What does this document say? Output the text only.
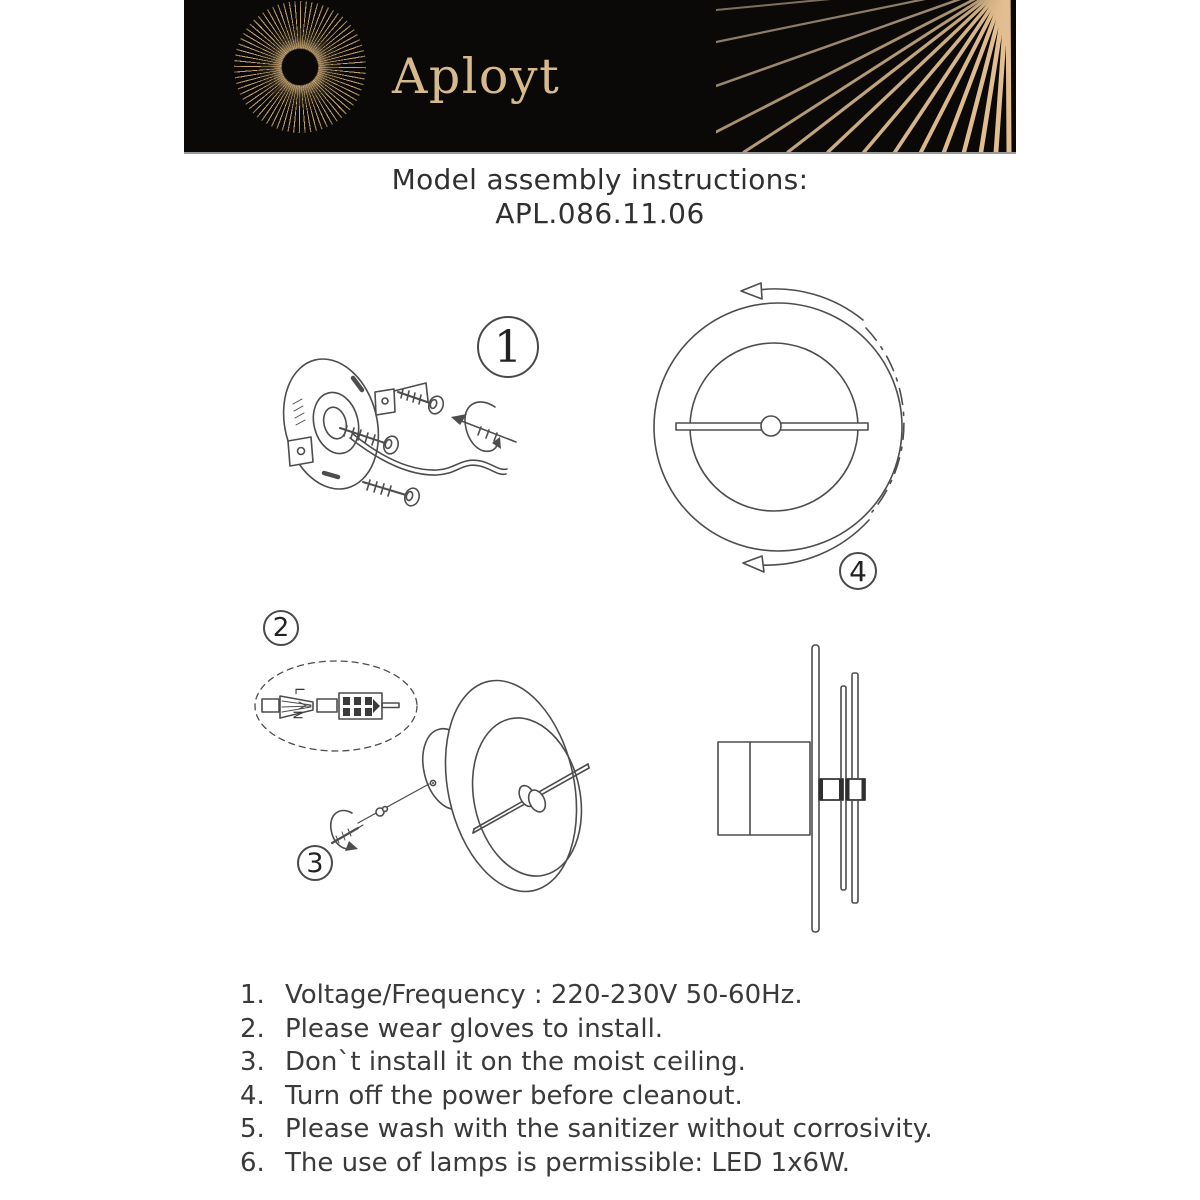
Aployt
Model assembly instructions:
APL.086.11.06
1
2
3
4
L
N
1. Voltage/Frequency : 220-230V 50-60Hz.
2. Please wear gloves to install.
3. Don`t install it on the moist ceiling.
4. Turn off the power before cleanout.
5. Please wash with the sanitizer without corrosivity.
6. The use of lamps is permissible: LED 1x6W.
